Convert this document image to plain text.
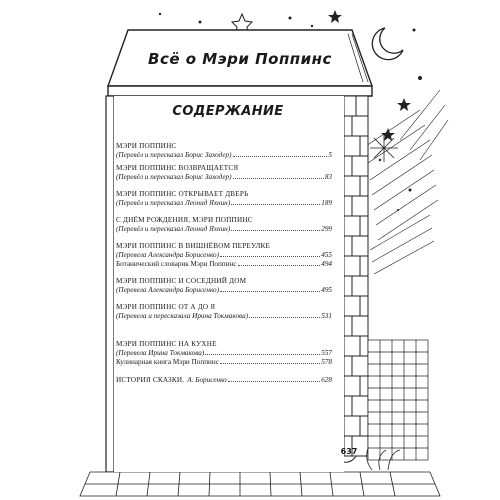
Всё о Мэри Поппинс
СОДЕРЖАНИЕ
МЭРИ ПОППИНС
(Перевёл и пересказал Борис Заходер)	5
МЭРИ ПОППИНС ВОЗВРАЩАЕТСЯ
(Перевёл и пересказал Борис Заходер)	83
МЭРИ ПОППИНС ОТКРЫВАЕТ ДВЕРЬ
(Перевёл и пересказал Леонид Яхнин)	189
С ДНЁМ РОЖДЕНИЯ, МЭРИ ПОППИНС
(Перевёл и пересказал Леонид Яхнин)	299
МЭРИ ПОППИНС В ВИШНЁВОМ ПЕРЕУЛКЕ
(Перевела Александра Борисенко)	455
Ботанический словарик Мэри Поппинс	494
МЭРИ ПОППИНС И СОСЕДНИЙ ДОМ
(Перевела Александра Борисенко)	495
МЭРИ ПОППИНС ОТ А ДО Я
(Перевела и пересказала Ирина Токмакова)	531
МЭРИ ПОППИНС НА КУХНЕ
(Перевела Ирина Токмакова)	557
Кулинарная книга Мэри Поппинс	578
ИСТОРИЯ СКАЗКИ. А. Борисенко	628
637
